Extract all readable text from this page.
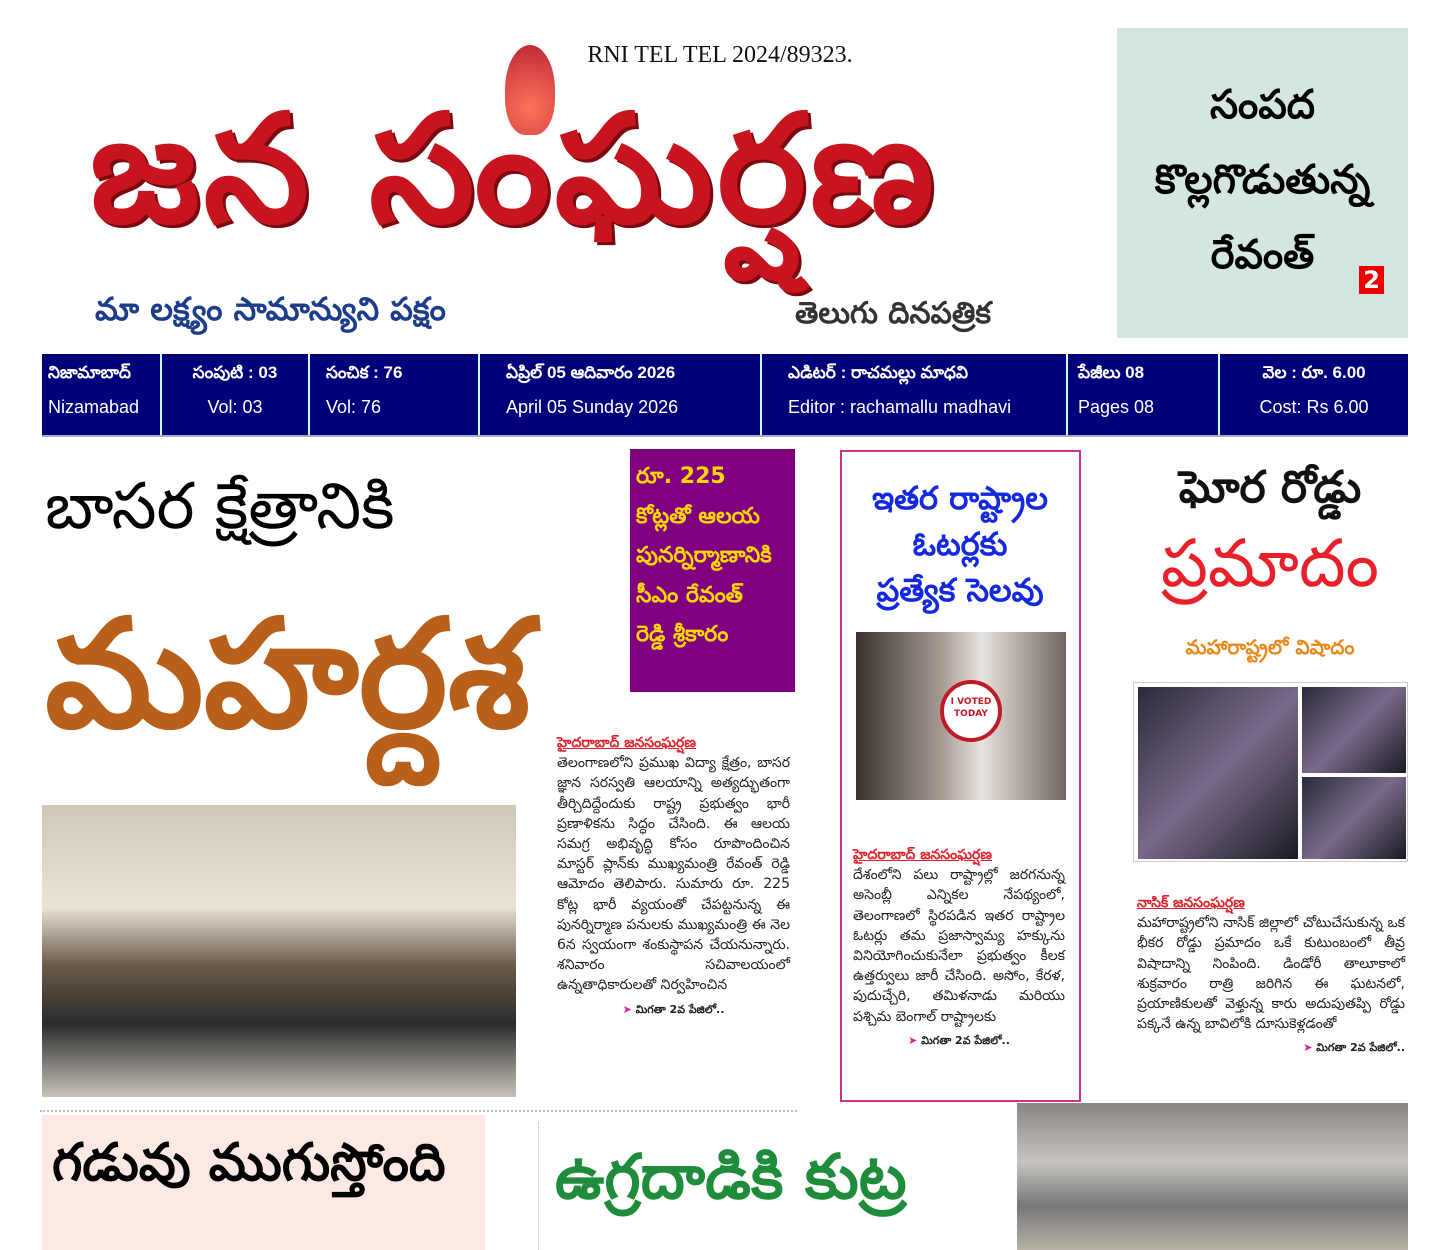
RNI TEL TEL 2024/89323.
జన సంఘర్షణ
మా లక్ష్యం సామాన్యుని పక్షం	తెలుగు దినపత్రిక
సంపద
కొల్లగొడుతున్న
రేవంత్
2
నిజామాబాద్
Nizamabad
సంపుటి : 03
Vol: 03
సంచిక : 76
Vol: 76
ఏప్రిల్ 05 ఆదివారం 2026
April 05 Sunday 2026
ఎడిటర్ : రాచమల్లు మాధవి
Editor : rachamallu madhavi
పేజీలు 08
Pages 08
వెల : రూ. 6.00
Cost: Rs 6.00
బాసర క్షేత్రానికి
మహర్దశ
రూ. 225
కోట్లతో ఆలయ
పునర్నిర్మాణానికి
సీఎం రేవంత్
రెడ్డి శ్రీకారం
హైదరాబాద్ జనసంఘర్షణ
తెలంగాణలోని ప్రముఖ విద్యా క్షేత్రం, బాసర జ్ఞాన సరస్వతి ఆలయాన్ని అత్యద్భుతంగా తీర్చిదిద్దేందుకు రాష్ట్ర ప్రభుత్వం భారీ ప్రణాళికను సిద్ధం చేసింది. ఈ ఆలయ సమగ్ర అభివృద్ధి కోసం రూపొందించిన మాస్టర్ ప్లాన్‌కు ముఖ్యమంత్రి రేవంత్ రెడ్డి ఆమోదం తెలిపారు. సుమారు రూ. 225 కోట్ల భారీ వ్యయంతో చేపట్టనున్న ఈ పునర్నిర్మాణ పనులకు ముఖ్యమంత్రి ఈ నెల 6న స్వయంగా శంకుస్థాపన చేయనున్నారు. శనివారం సచివాలయంలో ఉన్నతాధికారులతో నిర్వహించిన
➤ మిగతా 2వ పేజిలో..
ఇతర రాష్ట్రాల
ఓటర్లకు
ప్రత్యేక సెలవు
I VOTED TODAY
హైదరాబాద్ జనసంఘర్షణ
దేశంలోని పలు రాష్ట్రాల్లో జరగనున్న అసెంబ్లీ ఎన్నికల నేపథ్యంలో, తెలంగాణలో స్థిరపడిన ఇతర రాష్ట్రాల ఓటర్లు తమ ప్రజాస్వామ్య హక్కును వినియోగించుకునేలా ప్రభుత్వం కీలక ఉత్తర్వులు జారీ చేసింది. అసోం, కేరళ, పుదుచ్చేరి, తమిళనాడు మరియు పశ్చిమ బెంగాల్ రాష్ట్రాలకు
➤ మిగతా 2వ పేజిలో..
ఘోర రోడ్డు
ప్రమాదం
మహారాష్ట్రలో విషాదం
నాసిక్ జనసంఘర్షణ
మహారాష్ట్రలోని నాసిక్ జిల్లాలో చోటుచేసుకున్న ఒక భీకర రోడ్డు ప్రమాదం ఒకే కుటుంబంలో తీవ్ర విషాదాన్ని నింపింది. డిండోరీ తాలూకాలో శుక్రవారం రాత్రి జరిగిన ఈ ఘటనలో, ప్రయాణికులతో వెళ్తున్న కారు అదుపుతప్పి రోడ్డు పక్కనే ఉన్న బావిలోకి దూసుకెళ్లడంతో
➤ మిగతా 2వ పేజిలో..
గడువు ముగుస్తోంది	ఉగ్రదాడికి కుట్ర
